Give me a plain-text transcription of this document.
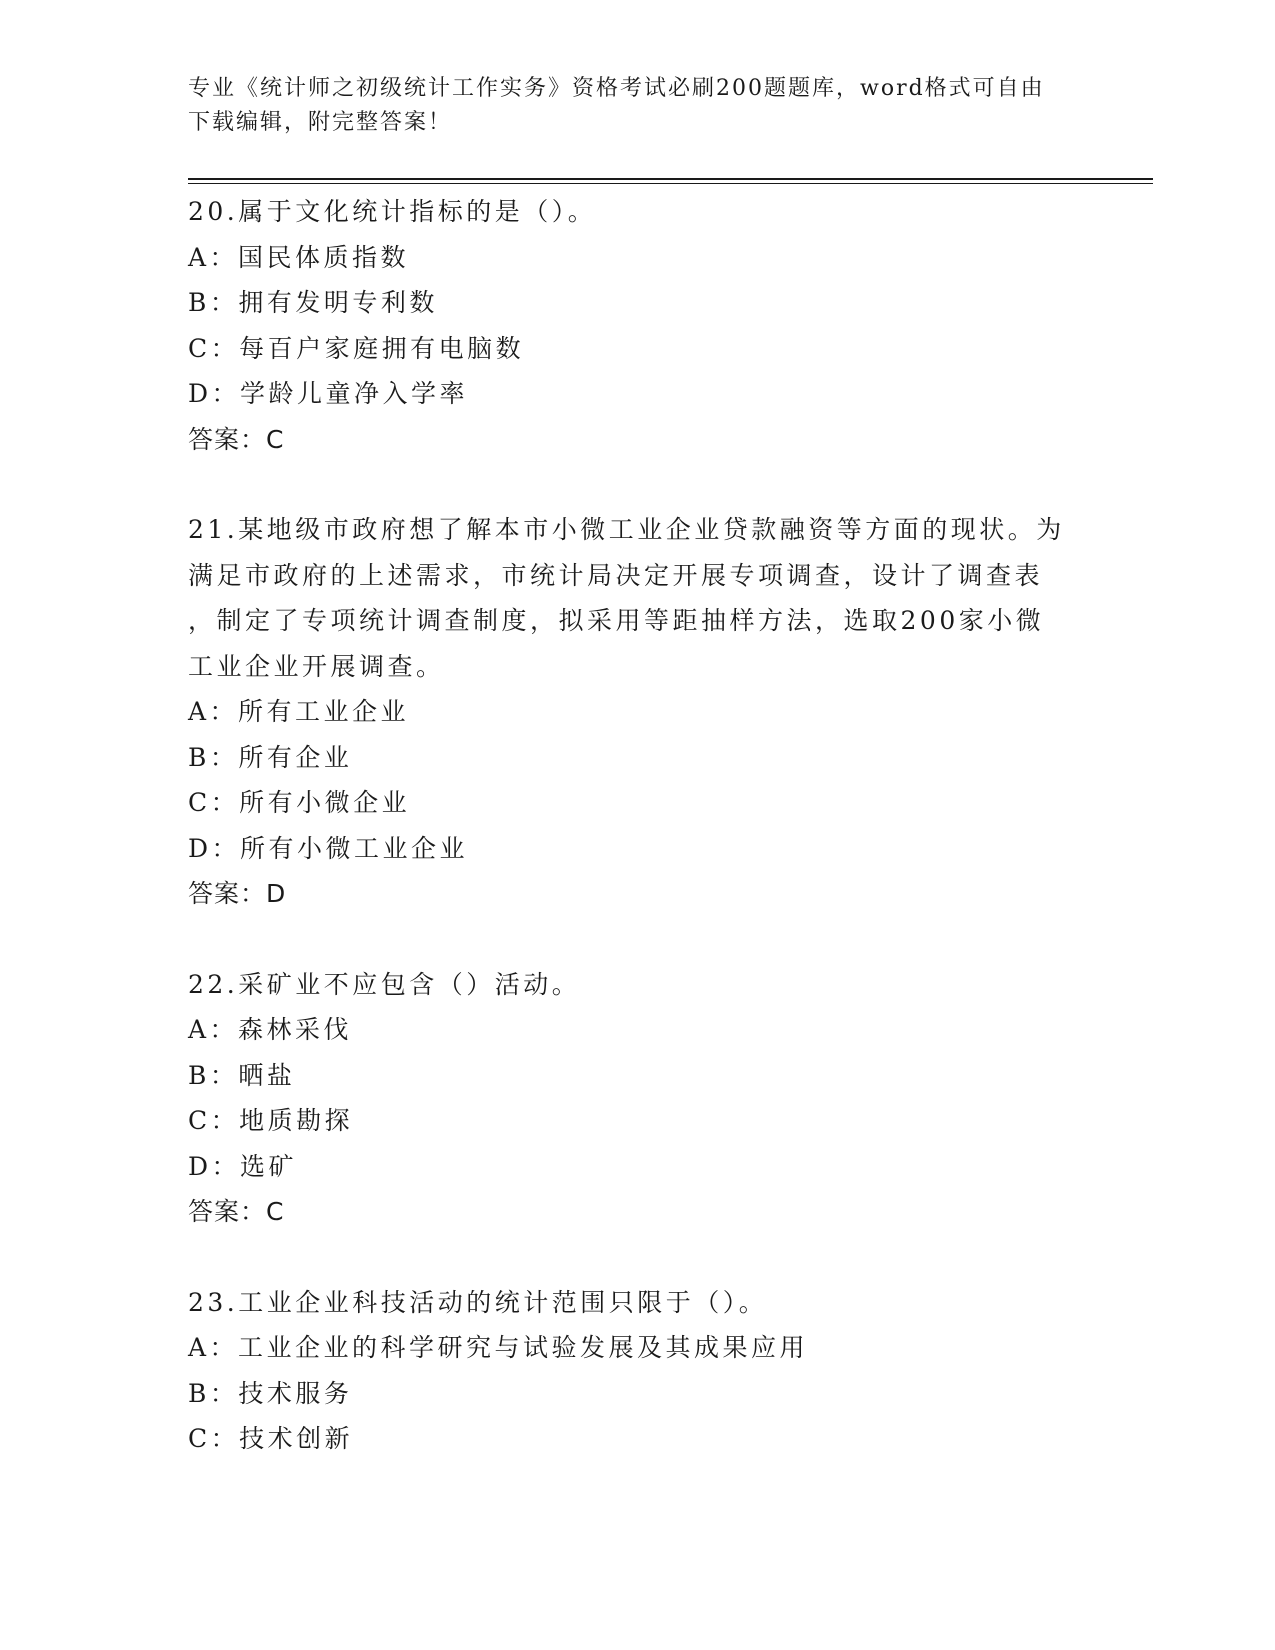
专业《统计师之初级统计工作实务》资格考试必刷200题题库，word格式可自由
下载编辑，附完整答案！
20.属于文化统计指标的是（）。
A：国民体质指数
B：拥有发明专利数
C：每百户家庭拥有电脑数
D：学龄儿童净入学率
答案：C
21.某地级市政府想了解本市小微工业企业贷款融资等方面的现状。为
满足市政府的上述需求，市统计局决定开展专项调查，设计了调查表
，制定了专项统计调查制度，拟采用等距抽样方法，选取200家小微
工业企业开展调查。
A：所有工业企业
B：所有企业
C：所有小微企业
D：所有小微工业企业
答案：D
22.采矿业不应包含（）活动。
A：森林采伐
B：晒盐
C：地质勘探
D：选矿
答案：C
23.工业企业科技活动的统计范围只限于（）。
A：工业企业的科学研究与试验发展及其成果应用
B：技术服务
C：技术创新
